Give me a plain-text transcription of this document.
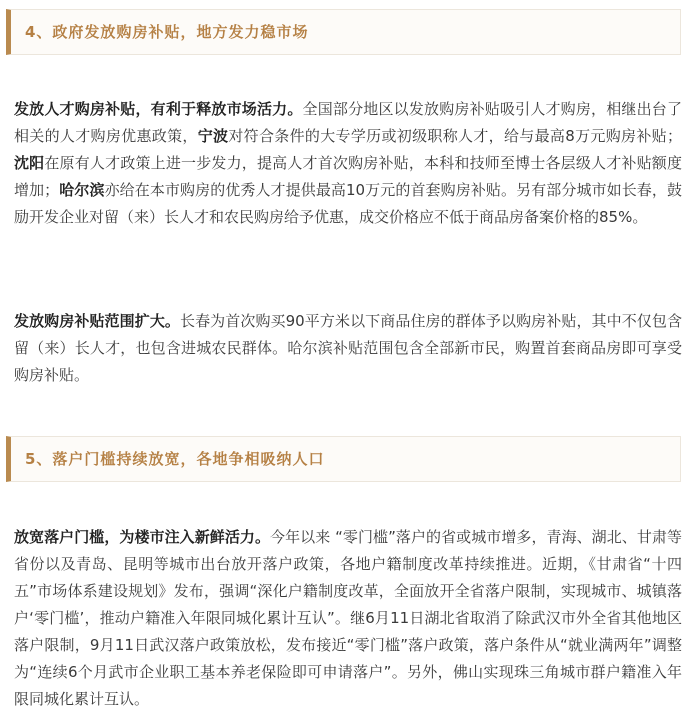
4、政府发放购房补贴，地方发力稳市场

发放人才购房补贴，有利于释放市场活力。全国部分地区以发放购房补贴吸引人才购房，相继出台了相关的人才购房优惠政策，宁波对符合条件的大专学历或初级职称人才，给与最高8万元购房补贴；沈阳在原有人才政策上进一步发力，提高人才首次购房补贴，本科和技师至博士各层级人才补贴额度增加；哈尔滨亦给在本市购房的优秀人才提供最高10万元的首套购房补贴。另有部分城市如长春，鼓励开发企业对留（来）长人才和农民购房给予优惠，成交价格应不低于商品房备案价格的85%。

发放购房补贴范围扩大。长春为首次购买90平方米以下商品住房的群体予以购房补贴，其中不仅包含留（来）长人才，也包含进城农民群体。哈尔滨补贴范围包含全部新市民，购置首套商品房即可享受购房补贴。

5、落户门槛持续放宽，各地争相吸纳人口

放宽落户门槛，为楼市注入新鲜活力。今年以来 “零门槛”落户的省或城市增多，青海、湖北、甘肃等省份以及青岛、昆明等城市出台放开落户政策，各地户籍制度改革持续推进。近期，《甘肃省“十四五”市场体系建设规划》发布，强调“深化户籍制度改革，全面放开全省落户限制，实现城市、城镇落户‘零门槛’，推动户籍准入年限同城化累计互认”。继6月11日湖北省取消了除武汉市外全省其他地区落户限制，9月11日武汉落户政策放松，发布接近“零门槛”落户政策，落户条件从“就业满两年”调整为“连续6个月武市企业职工基本养老保险即可申请落户”。另外，佛山实现珠三角城市群户籍准入年限同城化累计互认。
